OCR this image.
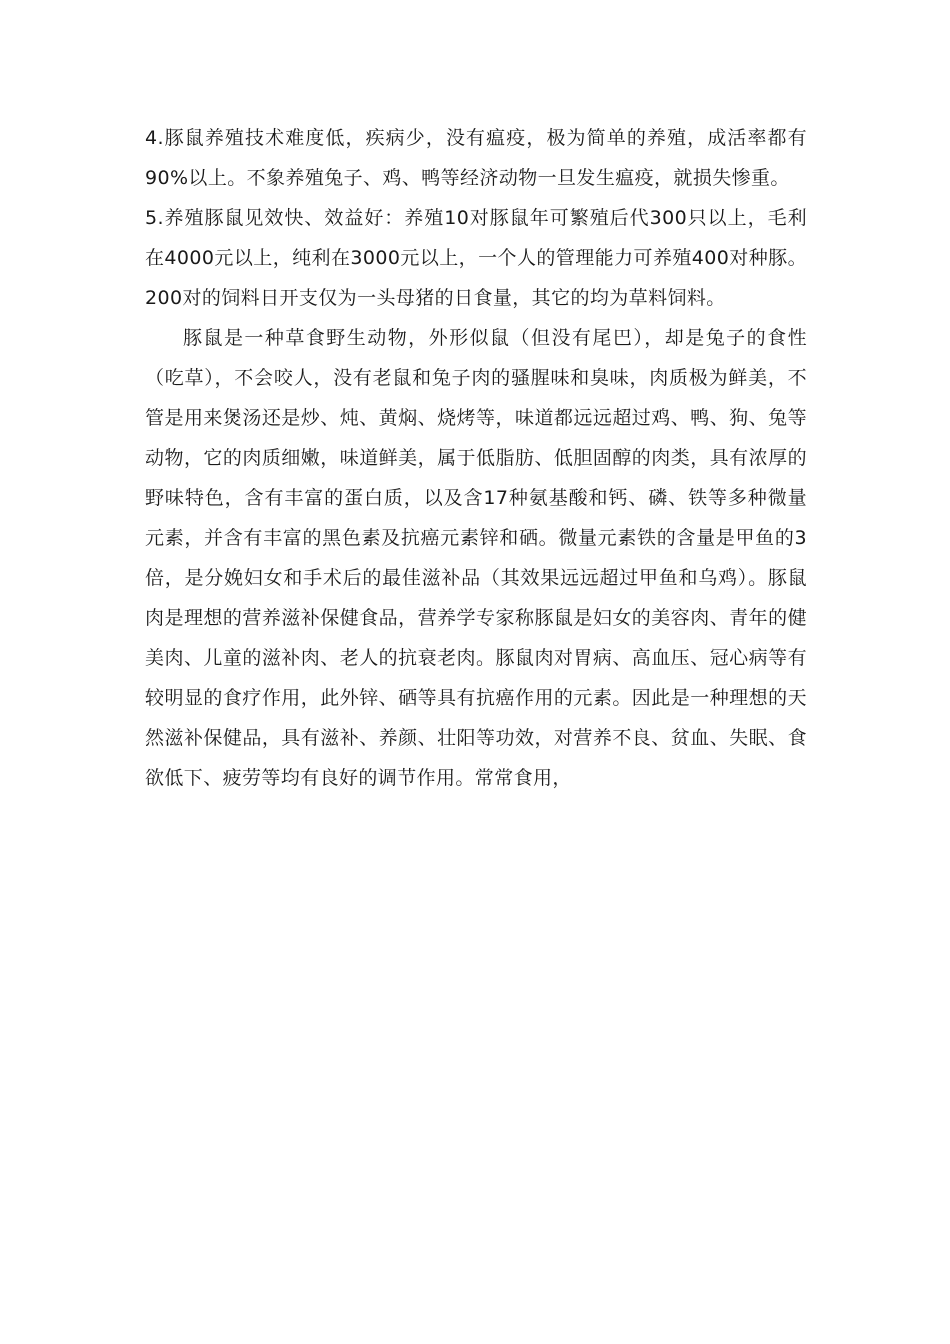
4.豚鼠养殖技术难度低，疾病少，没有瘟疫，极为简单的养殖，成活率都有90%以上。不象养殖兔子、鸡、鸭等经济动物一旦发生瘟疫，就损失惨重。

5.养殖豚鼠见效快、效益好：养殖10对豚鼠年可繁殖后代300只以上，毛利在4000元以上，纯利在3000元以上，一个人的管理能力可养殖400对种豚。200对的饲料日开支仅为一头母猪的日食量，其它的均为草料饲料。

豚鼠是一种草食野生动物，外形似鼠（但没有尾巴），却是兔子的食性（吃草），不会咬人，没有老鼠和兔子肉的骚腥味和臭味，肉质极为鲜美，不管是用来煲汤还是炒、炖、黄焖、烧烤等，味道都远远超过鸡、鸭、狗、兔等动物，它的肉质细嫩，味道鲜美，属于低脂肪、低胆固醇的肉类，具有浓厚的野味特色，含有丰富的蛋白质，以及含17种氨基酸和钙、磷、铁等多种微量元素，并含有丰富的黑色素及抗癌元素锌和硒。微量元素铁的含量是甲鱼的3倍，是分娩妇女和手术后的最佳滋补品（其效果远远超过甲鱼和乌鸡）。豚鼠肉是理想的营养滋补保健食品，营养学专家称豚鼠是妇女的美容肉、青年的健美肉、儿童的滋补肉、老人的抗衰老肉。豚鼠肉对胃病、高血压、冠心病等有较明显的食疗作用，此外锌、硒等具有抗癌作用的元素。因此是一种理想的天然滋补保健品，具有滋补、养颜、壮阳等功效，对营养不良、贫血、失眠、食欲低下、疲劳等均有良好的调节作用。常常食用，
